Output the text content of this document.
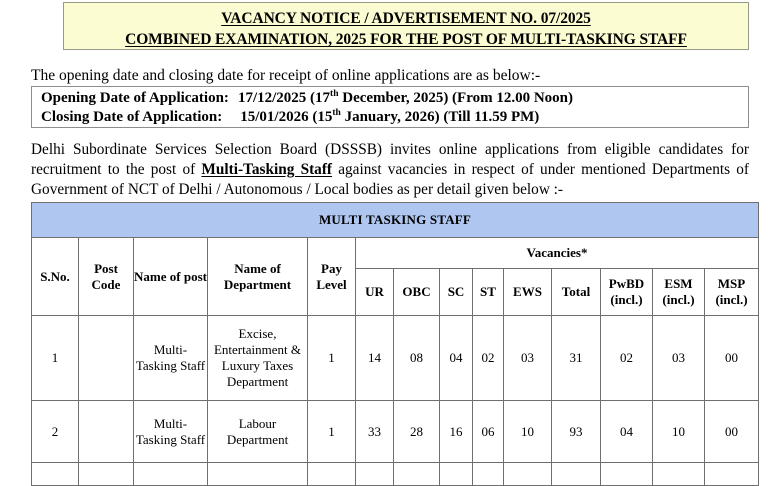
VACANCY NOTICE / ADVERTISEMENT NO. 07/2025
COMBINED EXAMINATION, 2025 FOR THE POST OF MULTI-TASKING STAFF
The opening date and closing date for receipt of online applications are as below:-
Opening Date of Application: 17/12/2025 (17th December, 2025) (From 12.00 Noon)
Closing Date of Application: 15/01/2026 (15th January, 2026) (Till 11.59 PM)
Delhi Subordinate Services Selection Board (DSSSB) invites online applications from eligible candidates for recruitment to the post of Multi-Tasking Staff against vacancies in respect of under mentioned Departments of Government of NCT of Delhi / Autonomous / Local bodies as per detail given below :-
MULTI TASKING STAFF													
S.No.	Post Code	Name of post	Name of Department	Pay Level	Vacancies*								
					UR	OBC	SC	ST	EWS	Total	PwBD (incl.)	ESM (incl.)	MSP (incl.)
1		Multi-Tasking Staff	Excise, Entertainment & Luxury Taxes Department	1	14	08	04	02	03	31	02	03	00
2		Multi-Tasking Staff	Labour Department	1	33	28	16	06	10	93	04	10	00
